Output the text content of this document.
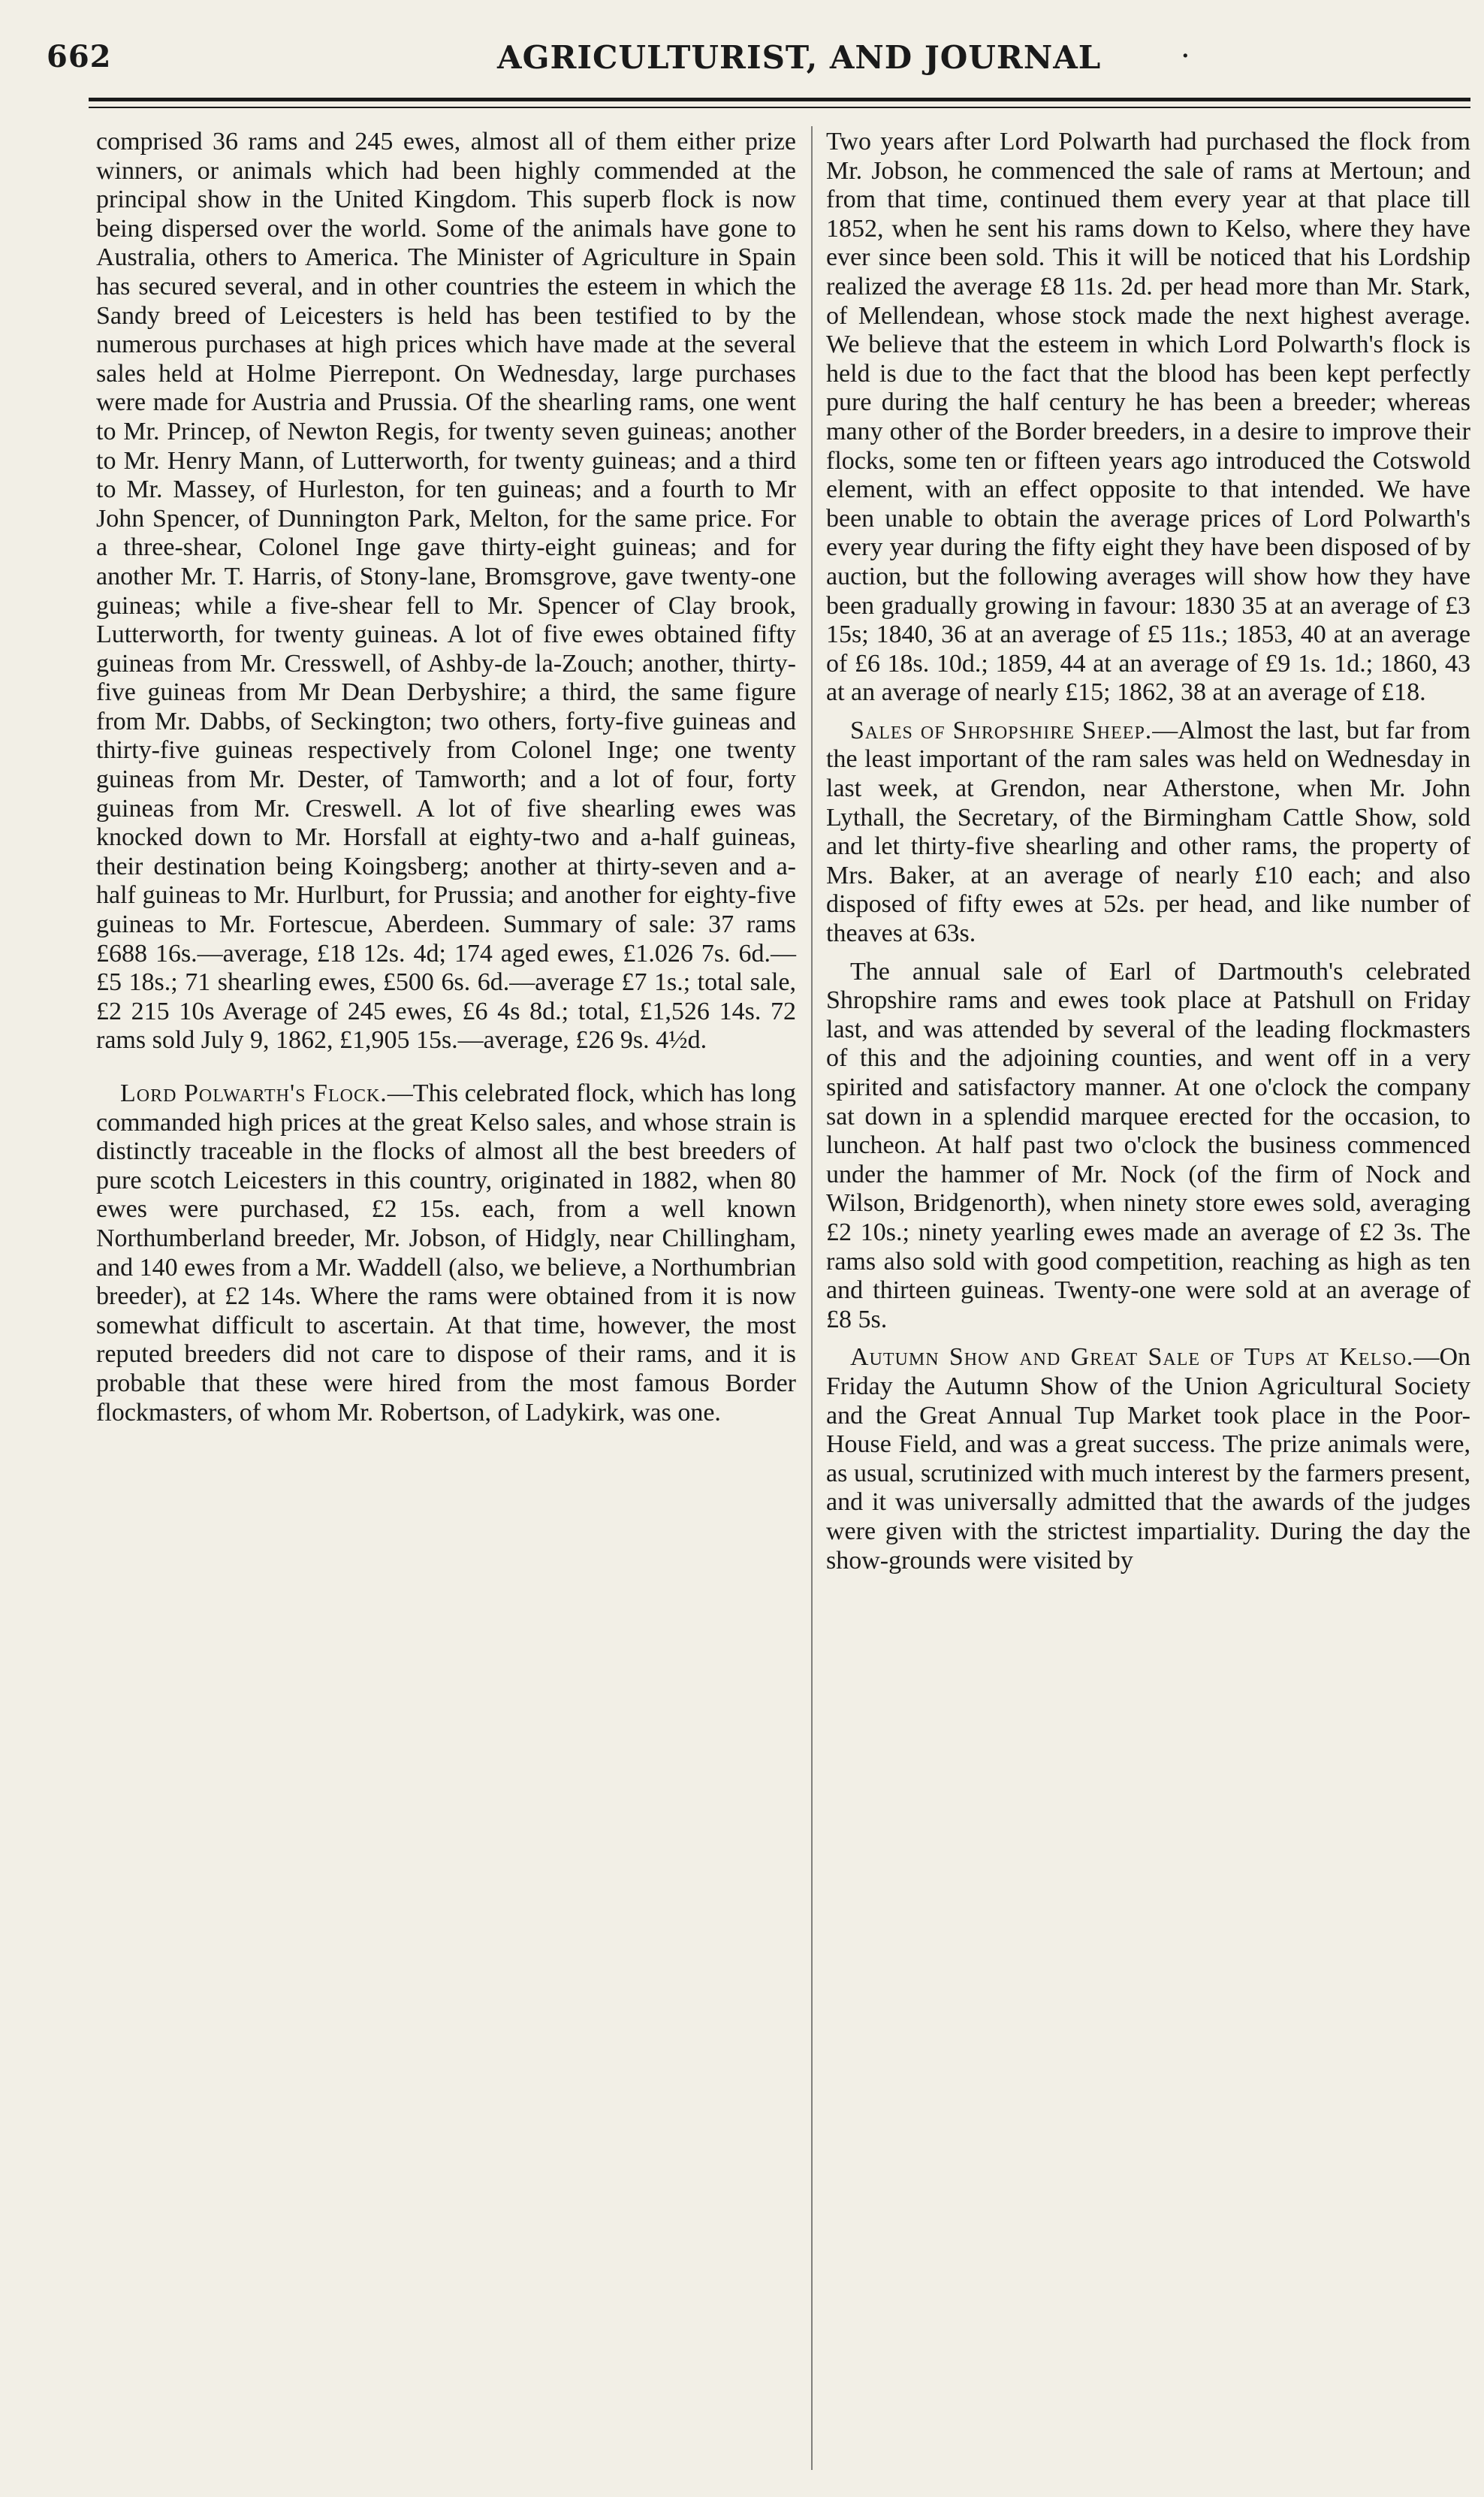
662	AGRICULTURIST, AND JOURNAL	·

comprised 36 rams and 245 ewes, almost all of them either prize winners, or animals which had been highly commended at the principal show in the United Kingdom. This superb flock is now being dispersed over the world. Some of the animals have gone to Australia, others to America. The Minister of Agriculture in Spain has secured several, and in other countries the esteem in which the Sandy breed of Leicesters is held has been testified to by the numerous purchases at high prices which have made at the several sales held at Holme Pierrepont. On Wednesday, large purchases were made for Austria and Prussia. Of the shearling rams, one went to Mr. Princep, of Newton Regis, for twenty seven guineas; another to Mr. Henry Mann, of Lutterworth, for twenty guineas; and a third to Mr. Massey, of Hurleston, for ten guineas; and a fourth to Mr John Spencer, of Dunnington Park, Melton, for the same price. For a three-shear, Colonel Inge gave thirty-eight guineas; and for another Mr. T. Harris, of Stony-lane, Bromsgrove, gave twenty-one guineas; while a five-shear fell to Mr. Spencer of Clay brook, Lutterworth, for twenty guineas. A lot of five ewes obtained fifty guineas from Mr. Cresswell, of Ashby-de la-Zouch; another, thirty-five guineas from Mr Dean Derbyshire; a third, the same figure from Mr. Dabbs, of Seckington; two others, forty-five guineas and thirty-five guineas respectively from Colonel Inge; one twenty guineas from Mr. Dester, of Tamworth; and a lot of four, forty guineas from Mr. Creswell. A lot of five shearling ewes was knocked down to Mr. Horsfall at eighty-two and a-half guineas, their destination being Koingsberg; another at thirty-seven and a-half guineas to Mr. Hurlburt, for Prussia; and another for eighty-five guineas to Mr. Fortescue, Aberdeen. Summary of sale: 37 rams £688 16s.—average, £18 12s. 4d; 174 aged ewes, £1.026 7s. 6d.—£5 18s.; 71 shearling ewes, £500 6s. 6d.—average £7 1s.; total sale, £2 215 10s Average of 245 ewes, £6 4s 8d.; total, £1,526 14s. 72 rams sold July 9, 1862, £1,905 15s.—average, £26 9s. 4½d.

Lord Polwarth's Flock.—This celebrated flock, which has long commanded high prices at the great Kelso sales, and whose strain is distinctly traceable in the flocks of almost all the best breeders of pure scotch Leicesters in this country, originated in 1882, when 80 ewes were purchased, £2 15s. each, from a well known Northumberland breeder, Mr. Jobson, of Hidgly, near Chillingham, and 140 ewes from a Mr. Waddell (also, we believe, a Northumbrian breeder), at £2 14s. Where the rams were obtained from it is now somewhat difficult to ascertain. At that time, however, the most reputed breeders did not care to dispose of their rams, and it is probable that these were hired from the most famous Border flockmasters, of whom Mr. Robertson, of Ladykirk, was one.

Two years after Lord Polwarth had purchased the flock from Mr. Jobson, he commenced the sale of rams at Mertoun; and from that time, continued them every year at that place till 1852, when he sent his rams down to Kelso, where they have ever since been sold. This it will be noticed that his Lordship realized the average £8 11s. 2d. per head more than Mr. Stark, of Mellendean, whose stock made the next highest average. We believe that the esteem in which Lord Polwarth's flock is held is due to the fact that the blood has been kept perfectly pure during the half century he has been a breeder; whereas many other of the Border breeders, in a desire to improve their flocks, some ten or fifteen years ago introduced the Cotswold element, with an effect opposite to that intended. We have been unable to obtain the average prices of Lord Polwarth's every year during the fifty eight they have been disposed of by auction, but the following averages will show how they have been gradually growing in favour: 1830 35 at an average of £3 15s; 1840, 36 at an average of £5 11s.; 1853, 40 at an average of £6 18s. 10d.; 1859, 44 at an average of £9 1s. 1d.; 1860, 43 at an average of nearly £15; 1862, 38 at an average of £18.

Sales of Shropshire Sheep.—Almost the last, but far from the least important of the ram sales was held on Wednesday in last week, at Grendon, near Atherstone, when Mr. John Lythall, the Secretary, of the Birmingham Cattle Show, sold and let thirty-five shearling and other rams, the property of Mrs. Baker, at an average of nearly £10 each; and also disposed of fifty ewes at 52s. per head, and like number of theaves at 63s.

The annual sale of Earl of Dartmouth's celebrated Shropshire rams and ewes took place at Patshull on Friday last, and was attended by several of the leading flockmasters of this and the adjoining counties, and went off in a very spirited and satisfactory manner. At one o'clock the company sat down in a splendid marquee erected for the occasion, to luncheon. At half past two o'clock the business commenced under the hammer of Mr. Nock (of the firm of Nock and Wilson, Bridgenorth), when ninety store ewes sold, averaging £2 10s.; ninety yearling ewes made an average of £2 3s. The rams also sold with good competition, reaching as high as ten and thirteen guineas. Twenty-one were sold at an average of £8 5s.

Autumn Show and Great Sale of Tups at Kelso.—On Friday the Autumn Show of the Union Agricultural Society and the Great Annual Tup Market took place in the Poor-House Field, and was a great success. The prize animals were, as usual, scrutinized with much interest by the farmers present, and it was universally admitted that the awards of the judges were given with the strictest impartiality. During the day the show-grounds were visited by
